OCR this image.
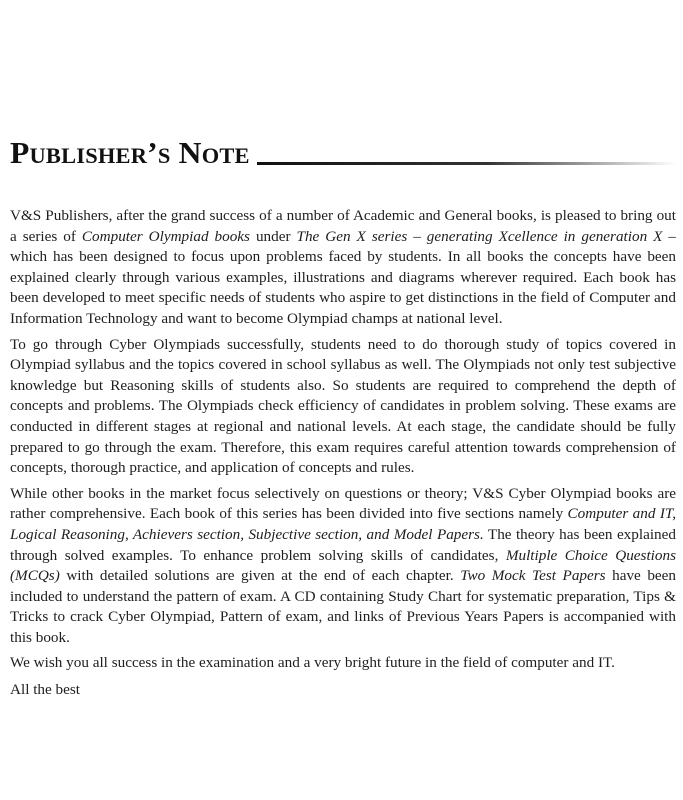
Publisher’s Note

V&S Publishers, after the grand success of a number of Academic and General books, is pleased to bring out a series of Computer Olympiad books under The Gen X series – generating Xcellence in generation X – which has been designed to focus upon problems faced by students. In all books the concepts have been explained clearly through various examples, illustrations and diagrams wherever required. Each book has been developed to meet specific needs of students who aspire to get distinctions in the field of Computer and Information Technology and want to become Olympiad champs at national level.

To go through Cyber Olympiads successfully, students need to do thorough study of topics covered in Olympiad syllabus and the topics covered in school syllabus as well. The Olympiads not only test subjective knowledge but Reasoning skills of students also. So students are required to comprehend the depth of concepts and problems. The Olympiads check efficiency of candidates in problem solving. These exams are conducted in different stages at regional and national levels. At each stage, the candidate should be fully prepared to go through the exam. Therefore, this exam requires careful attention towards comprehension of concepts, thorough practice, and application of concepts and rules.

While other books in the market focus selectively on questions or theory; V&S Cyber Olympiad books are rather comprehensive. Each book of this series has been divided into five sections namely Computer and IT, Logical Reasoning, Achievers section, Subjective section, and Model Papers. The theory has been explained through solved examples. To enhance problem solving skills of candidates, Multiple Choice Questions (MCQs) with detailed solutions are given at the end of each chapter. Two Mock Test Papers have been included to understand the pattern of exam. A CD containing Study Chart for systematic preparation, Tips & Tricks to crack Cyber Olympiad, Pattern of exam, and links of Previous Years Papers is accompanied with this book.

We wish you all success in the examination and a very bright future in the field of computer and IT.

All the best
